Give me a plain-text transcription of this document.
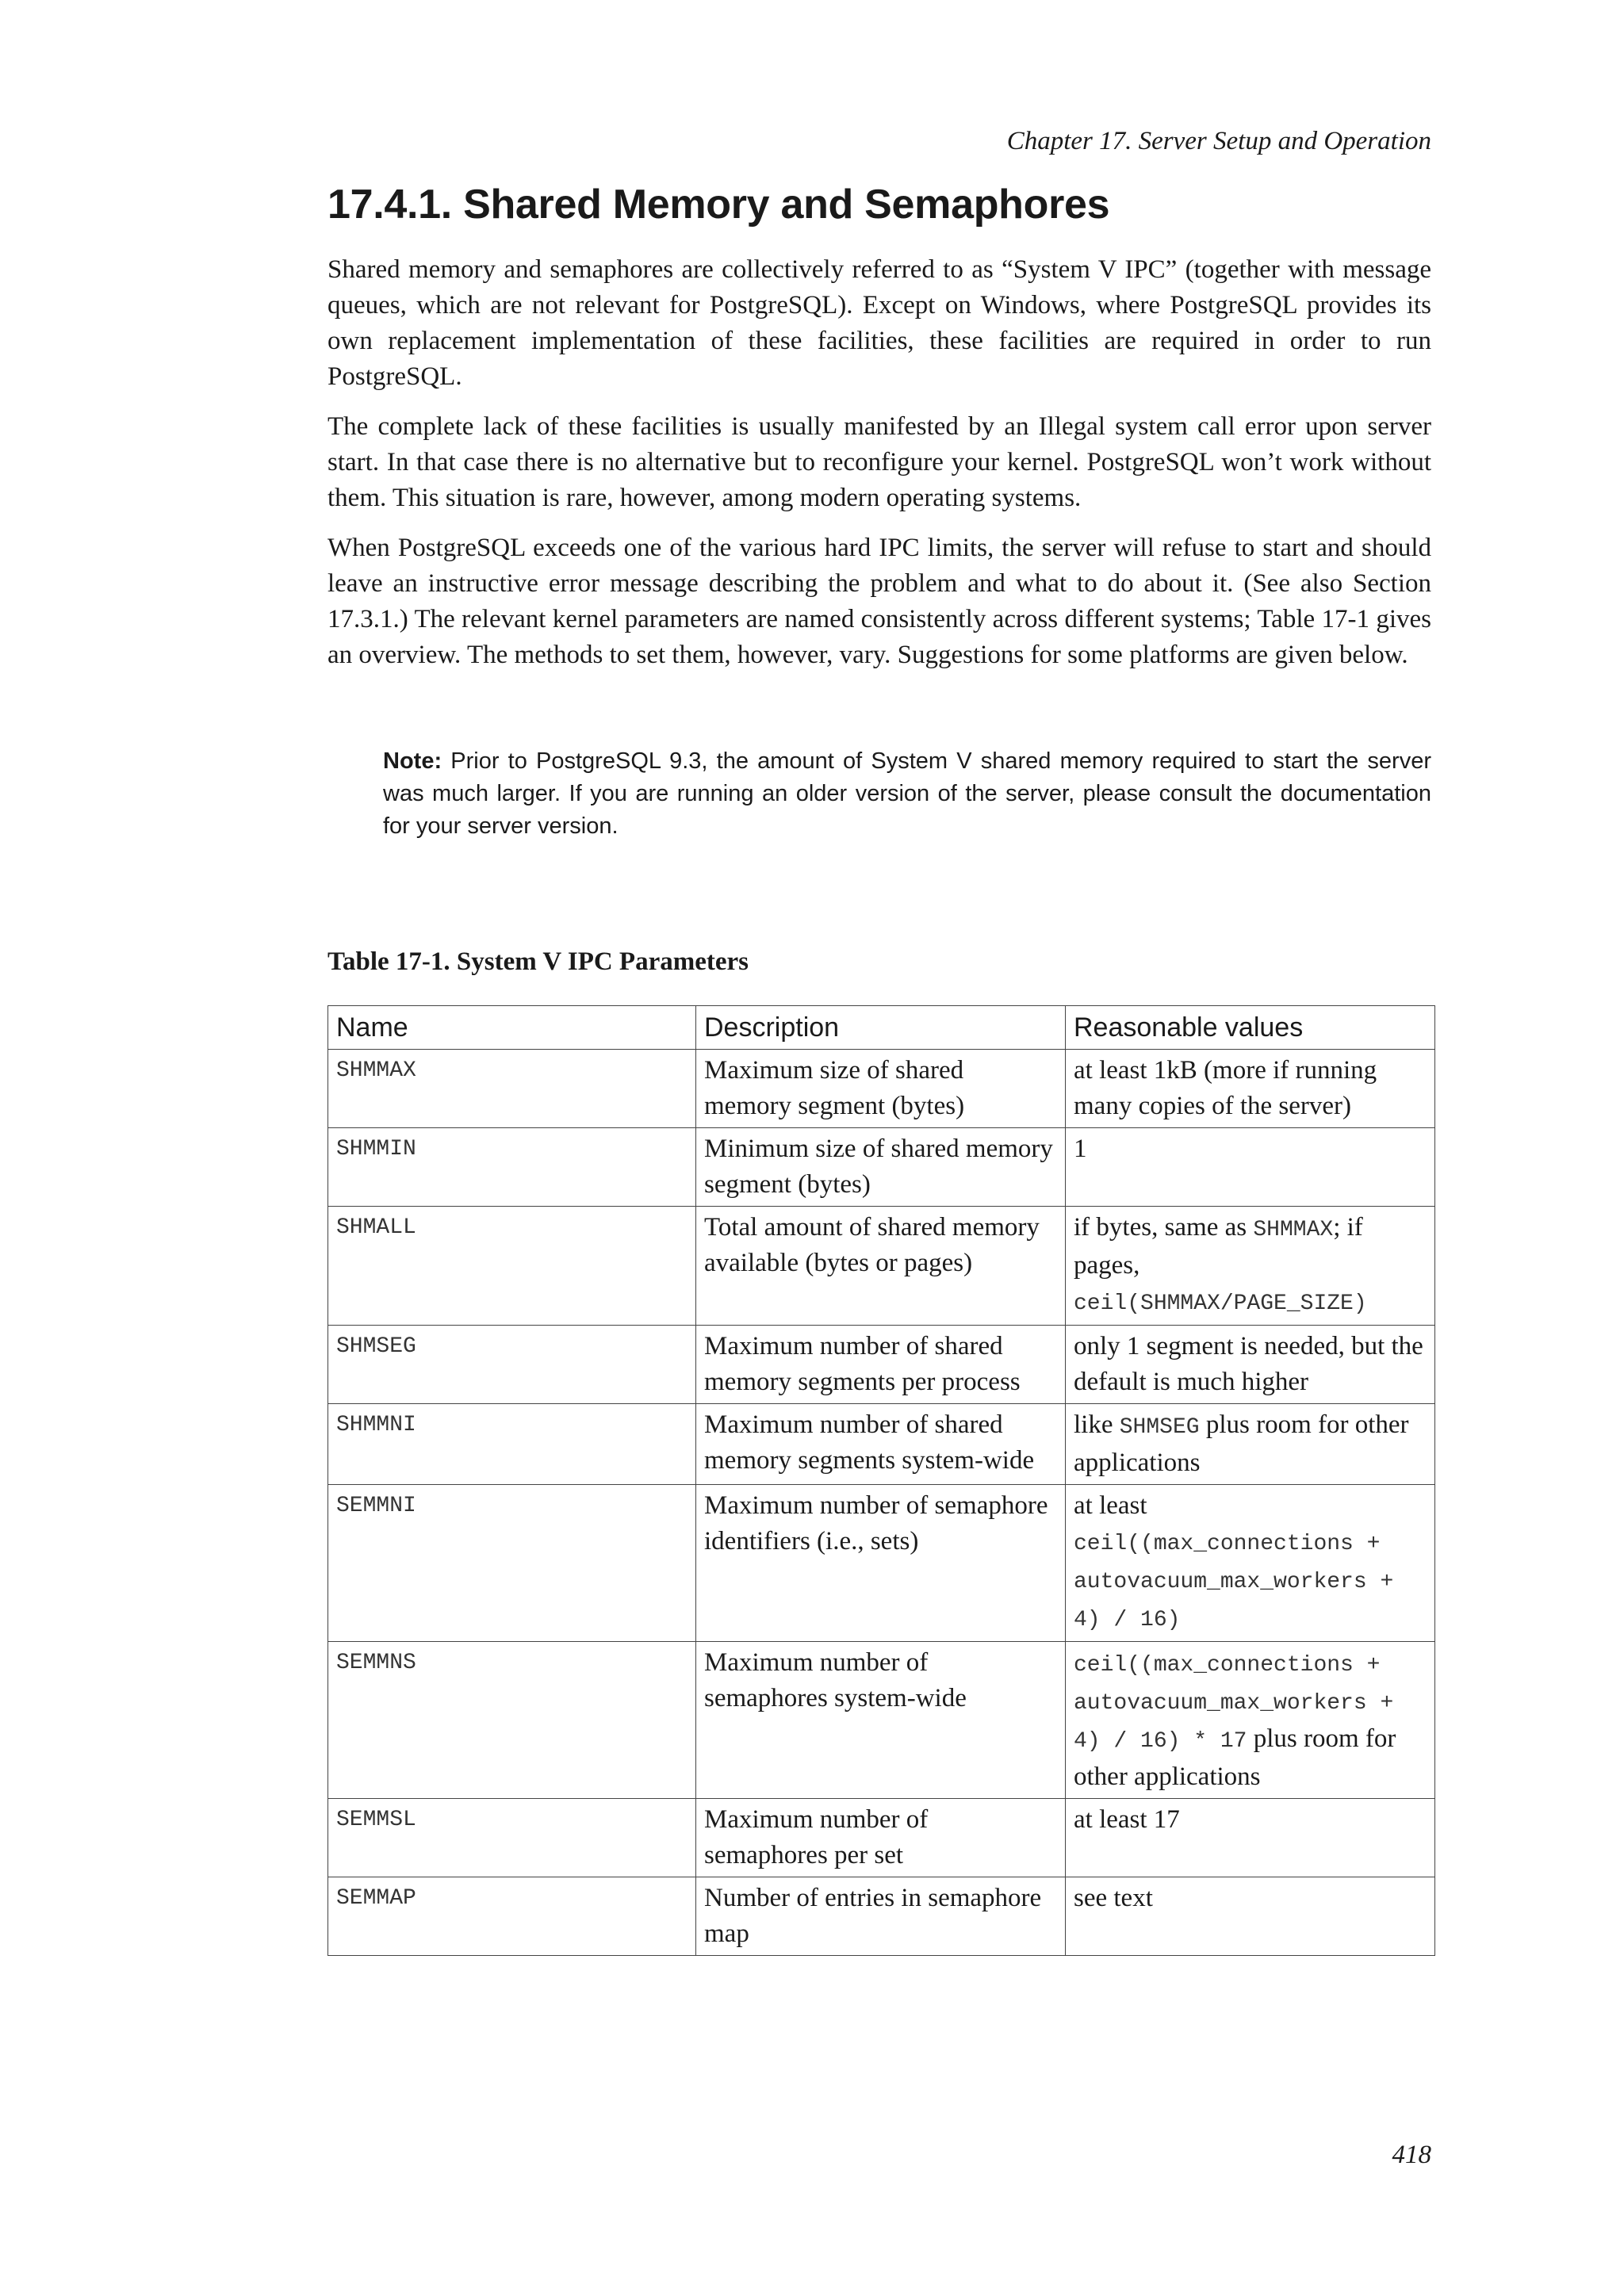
Chapter 17. Server Setup and Operation
17.4.1. Shared Memory and Semaphores

Shared memory and semaphores are collectively referred to as “System V IPC” (together with message queues, which are not relevant for PostgreSQL). Except on Windows, where PostgreSQL provides its own replacement implementation of these facilities, these facilities are required in order to run PostgreSQL.

The complete lack of these facilities is usually manifested by an Illegal system call error upon server start. In that case there is no alternative but to reconfigure your kernel. PostgreSQL won’t work without them. This situation is rare, however, among modern operating systems.

When PostgreSQL exceeds one of the various hard IPC limits, the server will refuse to start and should leave an instructive error message describing the problem and what to do about it. (See also Section 17.3.1.) The relevant kernel parameters are named consistently across different systems; Table 17-1 gives an overview. The methods to set them, however, vary. Suggestions for some platforms are given below.

Note: Prior to PostgreSQL 9.3, the amount of System V shared memory required to start the server was much larger. If you are running an older version of the server, please consult the documentation for your server version.
Table 17-1. System V IPC Parameters
Name	Description	Reasonable values
SHMMAX	Maximum size of shared memory segment (bytes)	at least 1kB (more if running many copies of the server)
SHMMIN	Minimum size of shared memory segment (bytes)	1
SHMALL	Total amount of shared memory available (bytes or pages)	if bytes, same as SHMMAX; if pages, ceil(SHMMAX/PAGE_SIZE)
SHMSEG	Maximum number of shared memory segments per process	only 1 segment is needed, but the default is much higher
SHMMNI	Maximum number of shared memory segments system-wide	like SHMSEG plus room for other applications
SEMMNI	Maximum number of semaphore identifiers (i.e., sets)	at least ceil((max_connections + autovacuum_max_workers + 4) / 16)
SEMMNS	Maximum number of semaphores system-wide	ceil((max_connections + autovacuum_max_workers + 4) / 16) * 17 plus room for other applications
SEMMSL	Maximum number of semaphores per set	at least 17
SEMMAP	Number of entries in semaphore map	see text
418
